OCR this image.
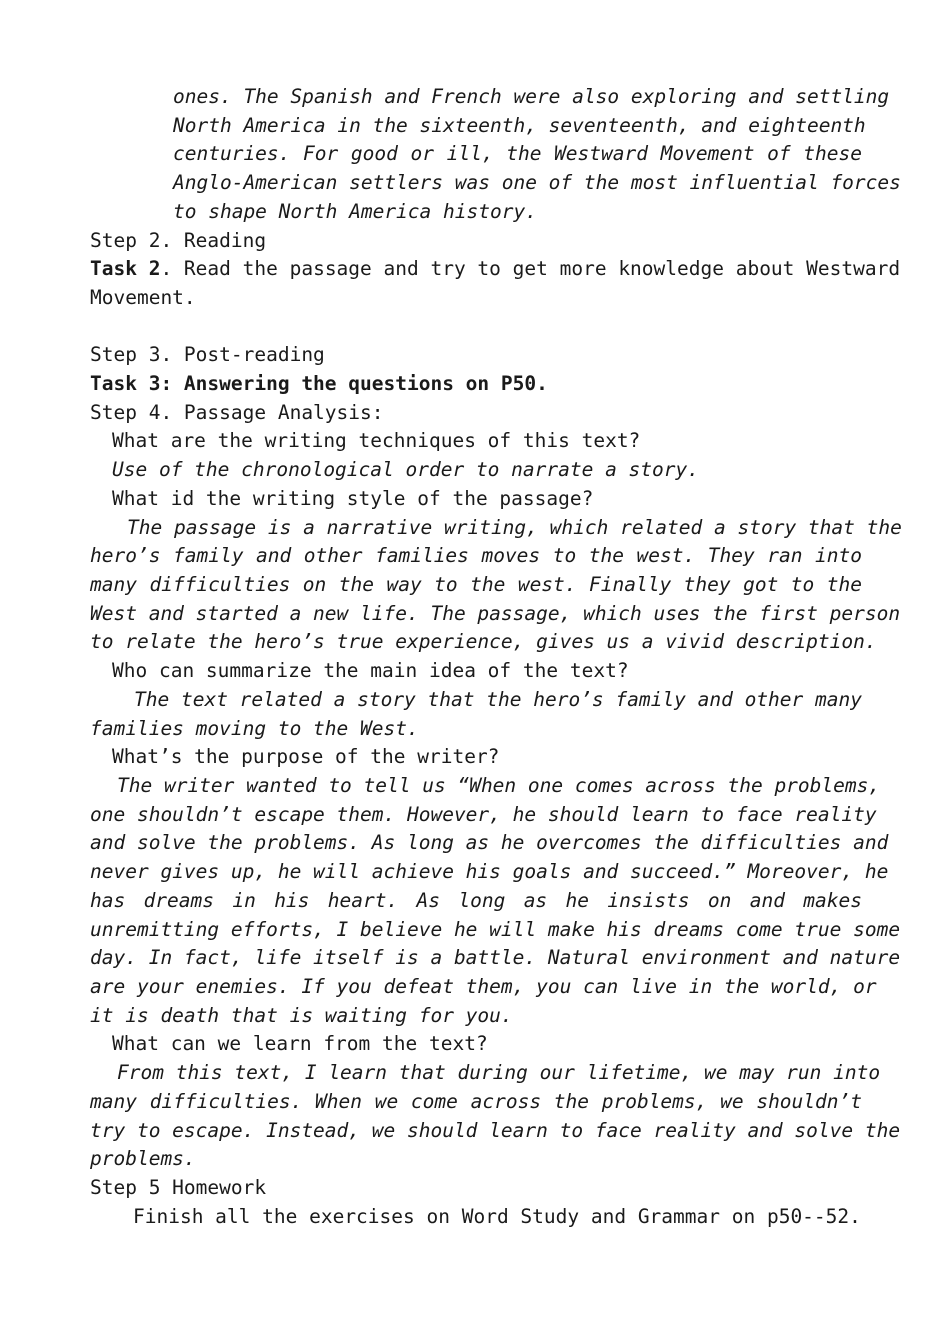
ones. The Spanish and French were also exploring and settling
North America in the sixteenth, seventeenth, and eighteenth
centuries. For good or ill, the Westward Movement of these
Anglo-American settlers was one of the most influential forces
to shape North America history.
Step 2. Reading
Task 2. Read the passage and try to get more knowledge about Westward
Movement.
Step 3. Post-reading
Task 3: Answering the questions on P50.
Step 4. Passage Analysis:
What are the writing techniques of this text?
Use of the chronological order to narrate a story.
What id the writing style of the passage?
The passage is a narrative writing, which related a story that the
hero’s family and other families moves to the west. They ran into
many difficulties on the way to the west. Finally they got to the
West and started a new life. The passage, which uses the first person
to relate the hero’s true experience, gives us a vivid description.
Who can summarize the main idea of the text?
The text related a story that the hero’s family and other many
families moving to the West.
What’s the purpose of the writer?
The writer wanted to tell us “When one comes across the problems,
one shouldn’t escape them. However, he should learn to face reality
and solve the problems. As long as he overcomes the difficulties and
never gives up, he will achieve his goals and succeed.” Moreover, he
has dreams in his heart. As long as he insists on and makes
unremitting efforts, I believe he will make his dreams come true some
day. In fact, life itself is a battle. Natural environment and nature
are your enemies. If you defeat them, you can live in the world, or
it is death that is waiting for you.
What can we learn from the text?
From this text, I learn that during our lifetime, we may run into
many difficulties. When we come across the problems, we shouldn’t
try to escape. Instead, we should learn to face reality and solve the
problems.
Step 5 Homework
Finish all the exercises on Word Study and Grammar on p50--52.
